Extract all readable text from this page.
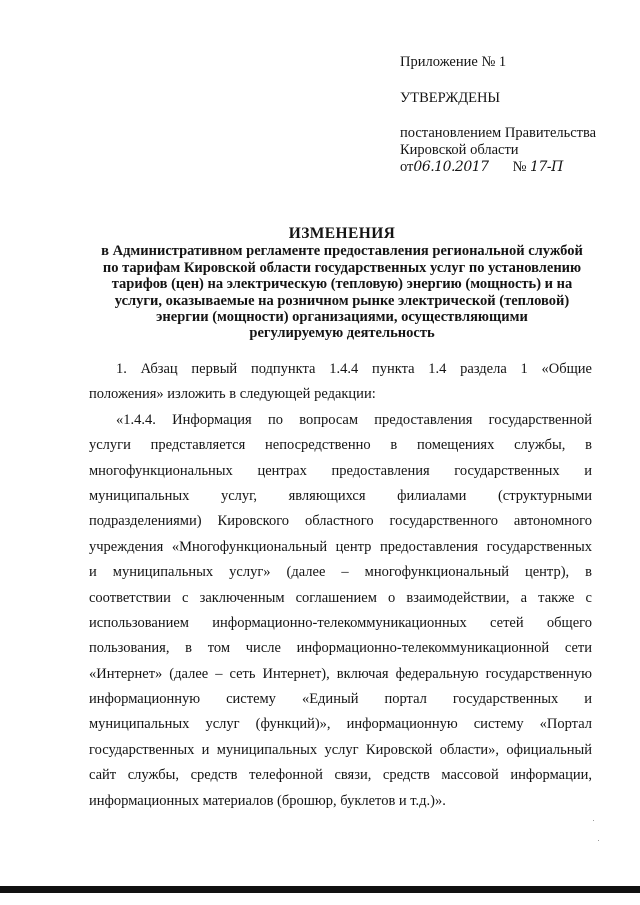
Приложение № 1
УТВЕРЖДЕНЫ
постановлением Правительства
Кировской области
от06.10.2017 № 17-П
ИЗМЕНЕНИЯ
в Административном регламенте предоставления региональной службой
по тарифам Кировской области государственных услуг по установлению
тарифов (цен) на электрическую (тепловую) энергию (мощность) и на
услуги, оказываемые на розничном рынке электрической (тепловой)
энергии (мощности) организациями, осуществляющими
регулируемую деятельность
1. Абзац первый подпункта 1.4.4 пункта 1.4 раздела 1 «Общие
положения» изложить в следующей редакции:
«1.4.4. Информация по вопросам предоставления государственной
услуги представляется непосредственно в помещениях службы, в
многофункциональных центрах предоставления государственных и
муниципальных услуг, являющихся филиалами (структурными
подразделениями) Кировского областного государственного автономного
учреждения «Многофункциональный центр предоставления государственных
и муниципальных услуг» (далее – многофункциональный центр), в
соответствии с заключенным соглашением о взаимодействии, а также с
использованием информационно-телекоммуникационных сетей общего
пользования, в том числе информационно-телекоммуникационной сети
«Интернет» (далее – сеть Интернет), включая федеральную государственную
информационную систему «Единый портал государственных и
муниципальных услуг (функций)», информационную систему «Портал
государственных и муниципальных услуг Кировской области», официальный
сайт службы, средств телефонной связи, средств массовой информации,
информационных материалов (брошюр, буклетов и т.д.)».
